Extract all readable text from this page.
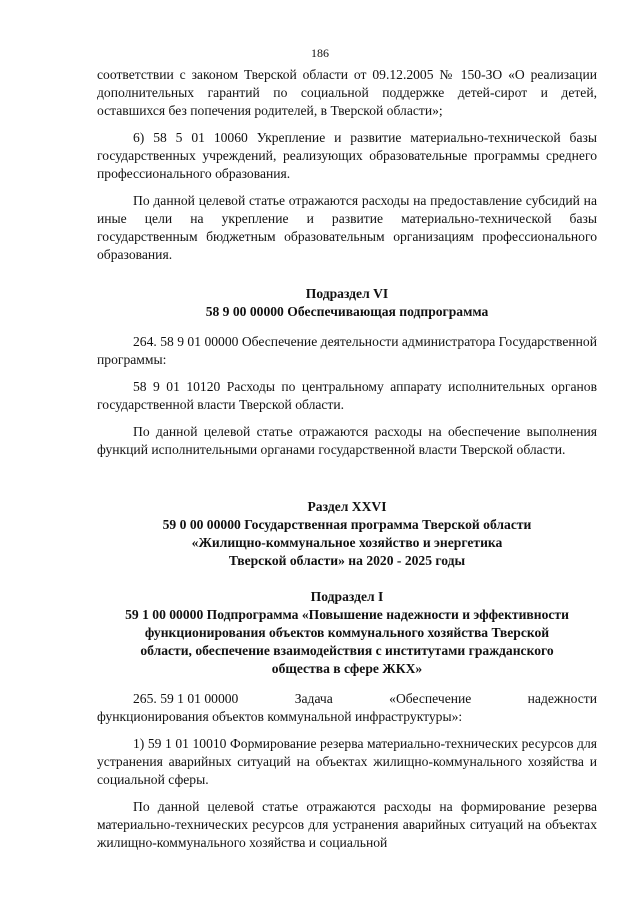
186

соответствии с законом Тверской области от 09.12.2005 № 150-ЗО «О реализации дополнительных гарантий по социальной поддержке детей-сирот и детей, оставшихся без попечения родителей, в Тверской области»;

6) 58 5 01 10060 Укрепление и развитие материально-технической базы государственных учреждений, реализующих образовательные программы среднего профессионального образования.

По данной целевой статье отражаются расходы на предоставление субсидий на иные цели на укрепление и развитие материально-технической базы государственным бюджетным образовательным организациям профессионального образования.

Подраздел VI

58 9 00 00000 Обеспечивающая подпрограмма

264. 58 9 01 00000 Обеспечение деятельности администратора Государственной программы:

58 9 01 10120 Расходы по центральному аппарату исполнительных органов государственной власти Тверской области.

По данной целевой статье отражаются расходы на обеспечение выполнения функций исполнительными органами государственной власти Тверской области.

Раздел XXVI

59 0 00 00000 Государственная программа Тверской области

«Жилищно-коммунальное хозяйство и энергетика

Тверской области» на 2020 - 2025 годы

Подраздел I

59 1 00 00000 Подпрограмма «Повышение надежности и эффективности

функционирования объектов коммунального хозяйства Тверской

области, обеспечение взаимодействия с институтами гражданского

общества в сфере ЖКХ»

265. 59 1 01 00000	Задача	«Обеспечение	надежности

функционирования объектов коммунальной инфраструктуры»:

1) 59 1 01 10010 Формирование резерва материально-технических ресурсов для устранения аварийных ситуаций на объектах жилищно-коммунального хозяйства и социальной сферы.

По данной целевой статье отражаются расходы на формирование резерва материально-технических ресурсов для устранения аварийных ситуаций на объектах жилищно-коммунального хозяйства и социальной
